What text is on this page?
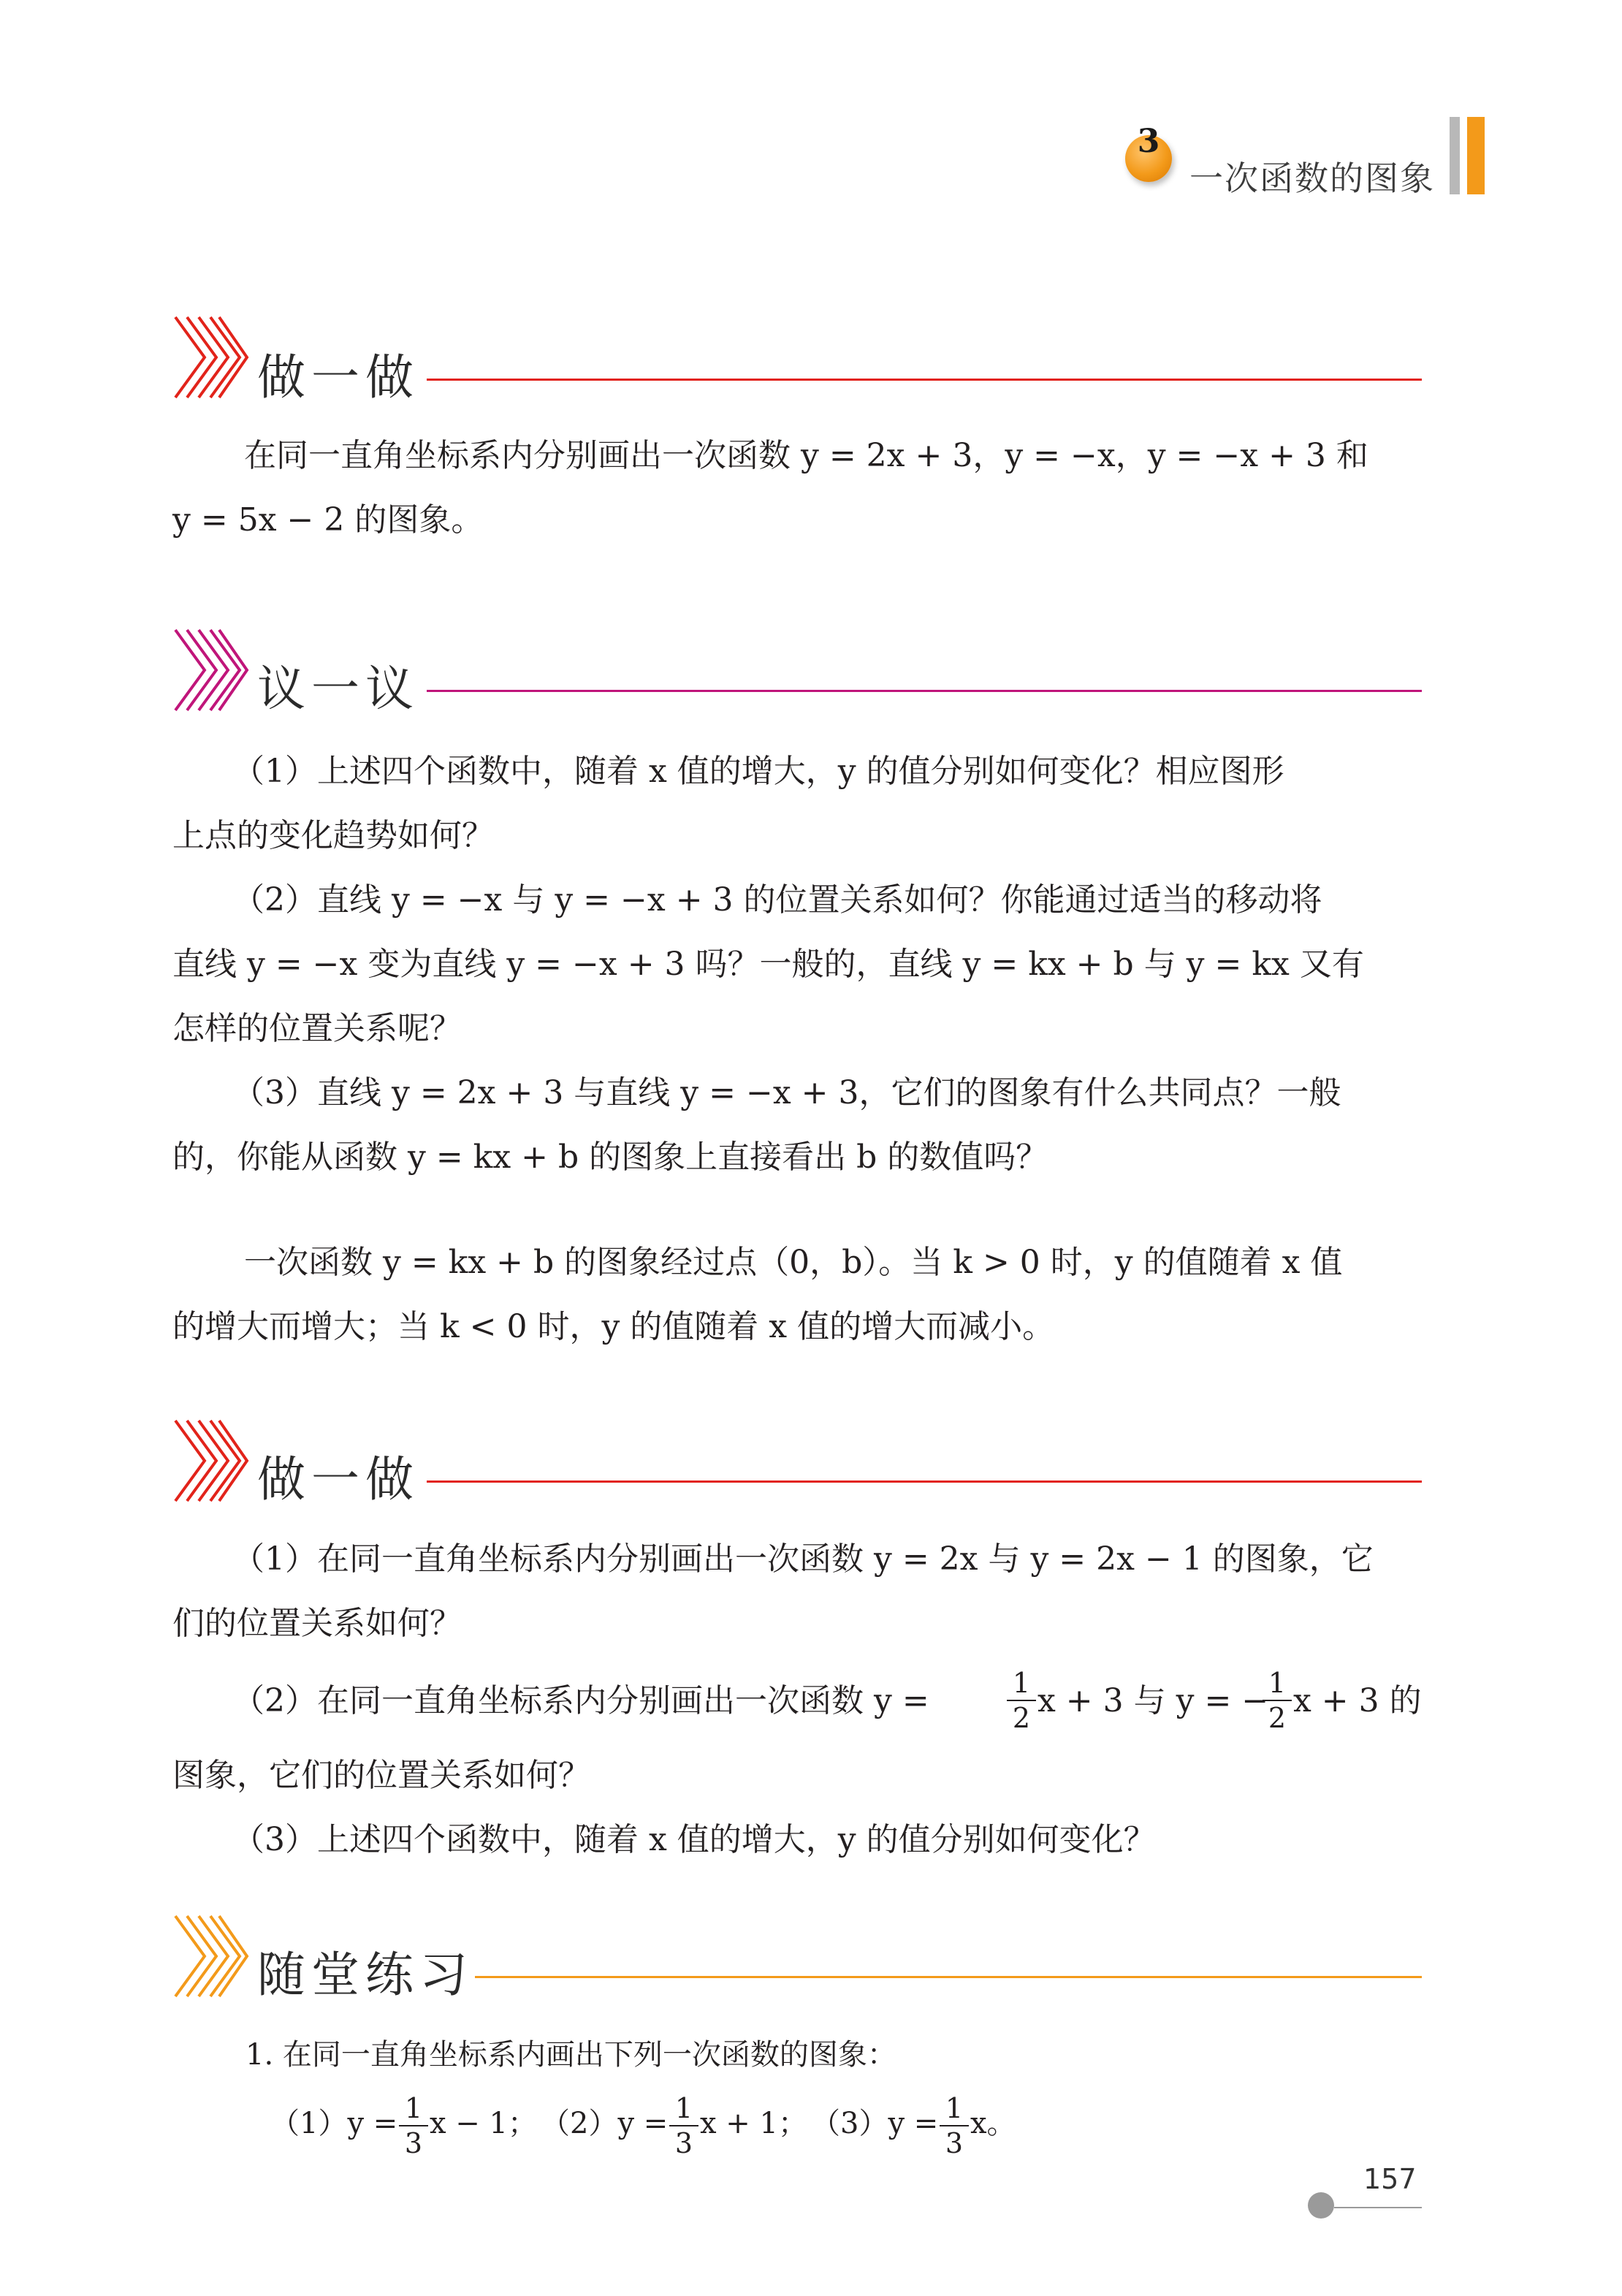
3
一次函数的图象
做一做
在同一直角坐标系内分别画出一次函数 y = 2x + 3，y = −x，y = −x + 3 和
y = 5x − 2 的图象。
议一议
（1）上述四个函数中，随着 x 值的增大，y 的值分别如何变化？相应图形
上点的变化趋势如何？
（2）直线 y = −x 与 y = −x + 3 的位置关系如何？你能通过适当的移动将
直线 y = −x 变为直线 y = −x + 3 吗？一般的，直线 y = kx + b 与 y = kx 又有
怎样的位置关系呢？
（3）直线 y = 2x + 3 与直线 y = −x + 3，它们的图象有什么共同点？一般
的，你能从函数 y = kx + b 的图象上直接看出 b 的数值吗？
一次函数 y = kx + b 的图象经过点（0，b）。当 k > 0 时，y 的值随着 x 值
的增大而增大；当 k < 0 时，y 的值随着 x 值的增大而减小。
做一做
（1）在同一直角坐标系内分别画出一次函数 y = 2x 与 y = 2x − 1 的图象，它
们的位置关系如何？
（2）在同一直角坐标系内分别画出一次函数 y =	$\frac{1}{2}$ x + 3 与 y = −
$\frac{1}{2}$ x + 3 的
图象，它们的位置关系如何？
（3）上述四个函数中，随着 x 值的增大，y 的值分别如何变化？
随堂练习
1. 在同一直角坐标系内画出下列一次函数的图象：
$(1)y = \frac{1}{3}$ x − 1； $(2)y = \frac{1}{3}$ x + 1； $(3)y = \frac{1}{3}$ x。
157
